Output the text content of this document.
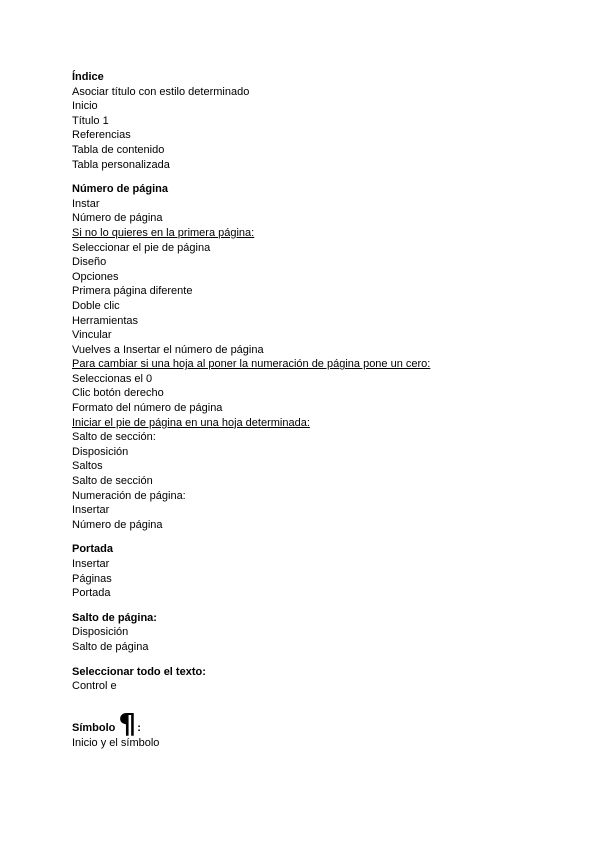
Índice
Asociar título con estilo determinado
Inicio
Título 1
Referencias
Tabla de contenido
Tabla personalizada
Número de página
Instar
Número de página
Si no lo quieres en la primera página:
Seleccionar el pie de página
Diseño
Opciones
Primera página diferente
Doble clic
Herramientas
Vincular
Vuelves a Insertar el número de página
Para cambiar si una hoja al poner la numeración de página pone un cero:
Seleccionas el 0
Clic botón derecho
Formato del número de página
Iniciar el pie de página en una hoja determinada:
Salto de sección:
Disposición
Saltos
Salto de sección
Numeración de página:
Insertar
Número de página
Portada
Insertar
Páginas
Portada
Salto de página:
Disposición
Salto de página
Seleccionar todo el texto:
Control e
Símbolo ¶ :
Inicio y el símbolo
